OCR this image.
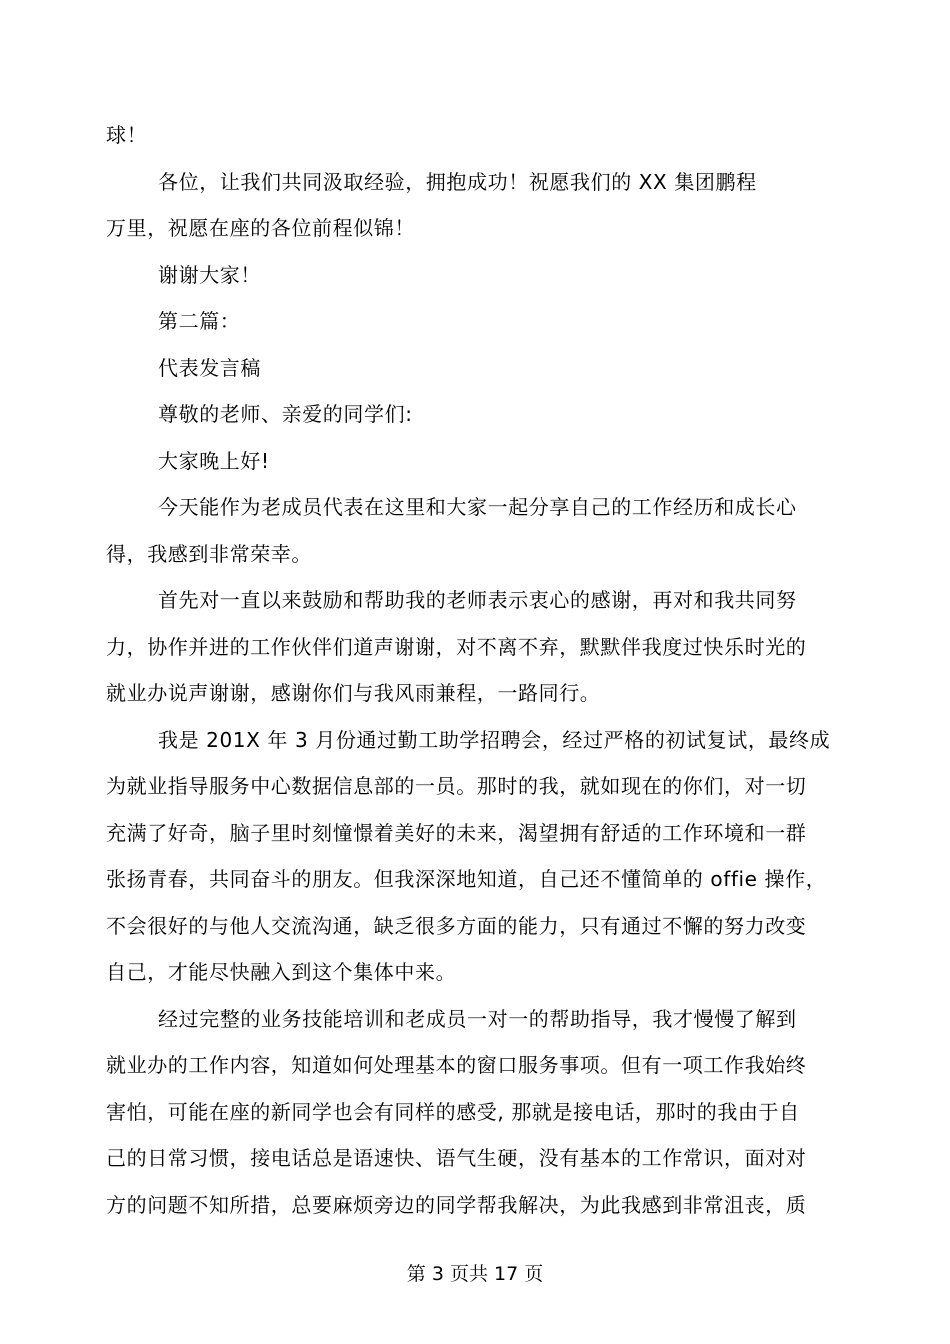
球！

各位，让我们共同汲取经验，拥抱成功！祝愿我们的 XX 集团鹏程

万里，祝愿在座的各位前程似锦！

谢谢大家！

第二篇：

代表发言稿

尊敬的老师、亲爱的同学们:

大家晚上好!

今天能作为老成员代表在这里和大家一起分享自己的工作经历和成长心

得，我感到非常荣幸。

首先对一直以来鼓励和帮助我的老师表示衷心的感谢，再对和我共同努

力，协作并进的工作伙伴们道声谢谢，对不离不弃，默默伴我度过快乐时光的

就业办说声谢谢，感谢你们与我风雨兼程，一路同行。

我是 201X 年 3 月份通过勤工助学招聘会，经过严格的初试复试，最终成

为就业指导服务中心数据信息部的一员。那时的我，就如现在的你们，对一切

充满了好奇，脑子里时刻憧憬着美好的未来，渴望拥有舒适的工作环境和一群

张扬青春，共同奋斗的朋友。但我深深地知道，自己还不懂简单的 offie 操作，

不会很好的与他人交流沟通，缺乏很多方面的能力，只有通过不懈的努力改变

自己，才能尽快融入到这个集体中来。

经过完整的业务技能培训和老成员一对一的帮助指导，我才慢慢了解到

就业办的工作内容，知道如何处理基本的窗口服务事项。但有一项工作我始终

害怕，可能在座的新同学也会有同样的感受, 那就是接电话，那时的我由于自

己的日常习惯，接电话总是语速快、语气生硬，没有基本的工作常识，面对对

方的问题不知所措，总要麻烦旁边的同学帮我解决，为此我感到非常沮丧，质

第 3 页共 17 页
